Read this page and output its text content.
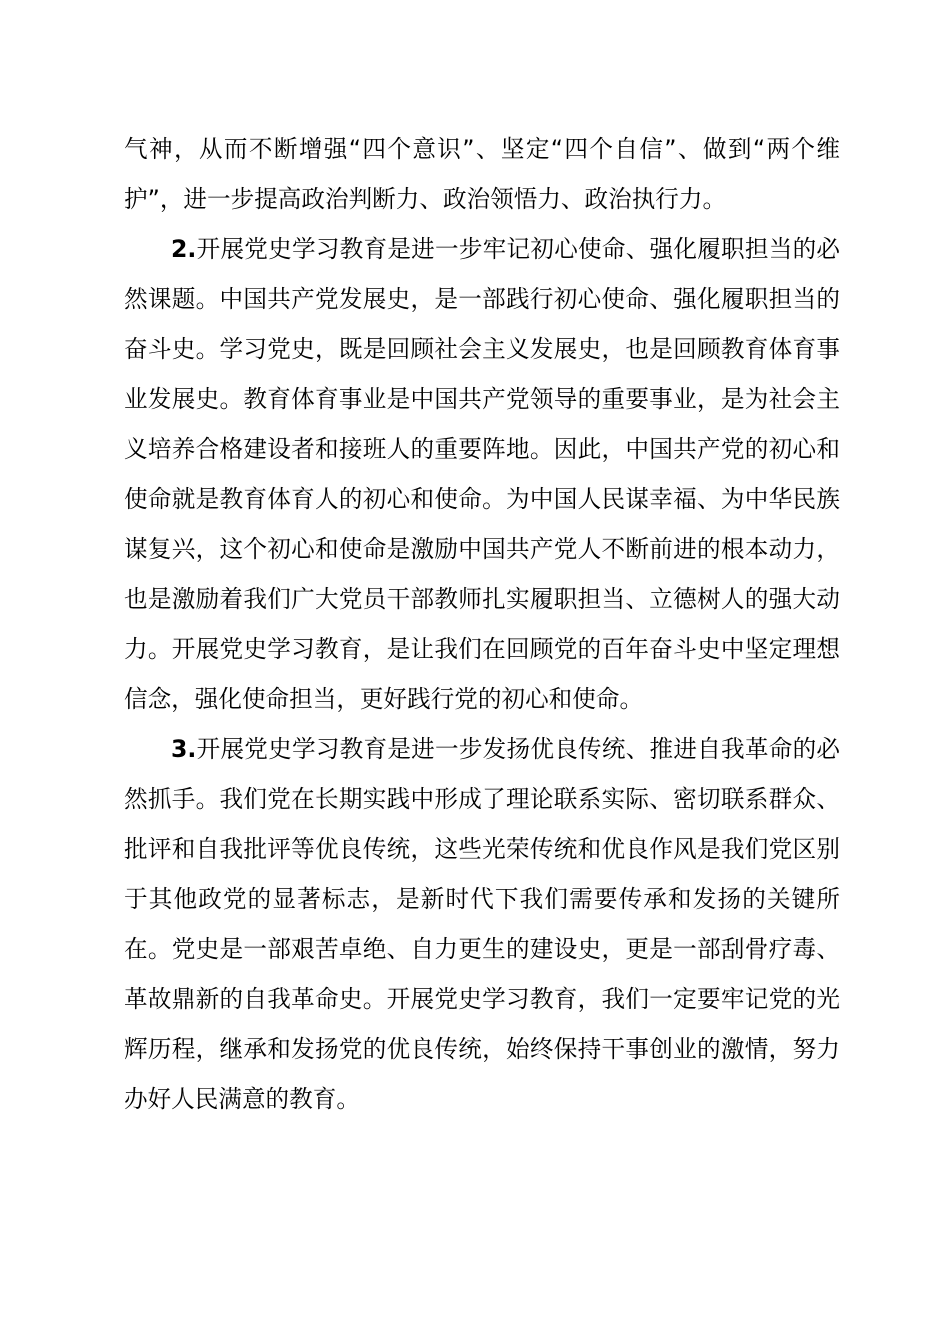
气神，从而不断增强“四个意识”、坚定“四个自信”、做到“两个维护”，进一步提高政治判断力、政治领悟力、政治执行力。

2.开展党史学习教育是进一步牢记初心使命、强化履职担当的必然课题。中国共产党发展史，是一部践行初心使命、强化履职担当的奋斗史。学习党史，既是回顾社会主义发展史，也是回顾教育体育事业发展史。教育体育事业是中国共产党领导的重要事业，是为社会主义培养合格建设者和接班人的重要阵地。因此，中国共产党的初心和使命就是教育体育人的初心和使命。为中国人民谋幸福、为中华民族谋复兴，这个初心和使命是激励中国共产党人不断前进的根本动力，也是激励着我们广大党员干部教师扎实履职担当、立德树人的强大动力。开展党史学习教育，是让我们在回顾党的百年奋斗史中坚定理想信念，强化使命担当，更好践行党的初心和使命。

3.开展党史学习教育是进一步发扬优良传统、推进自我革命的必然抓手。我们党在长期实践中形成了理论联系实际、密切联系群众、批评和自我批评等优良传统，这些光荣传统和优良作风是我们党区别于其他政党的显著标志，是新时代下我们需要传承和发扬的关键所在。党史是一部艰苦卓绝、自力更生的建设史，更是一部刮骨疗毒、革故鼎新的自我革命史。开展党史学习教育，我们一定要牢记党的光辉历程，继承和发扬党的优良传统，始终保持干事创业的激情，努力办好人民满意的教育。
